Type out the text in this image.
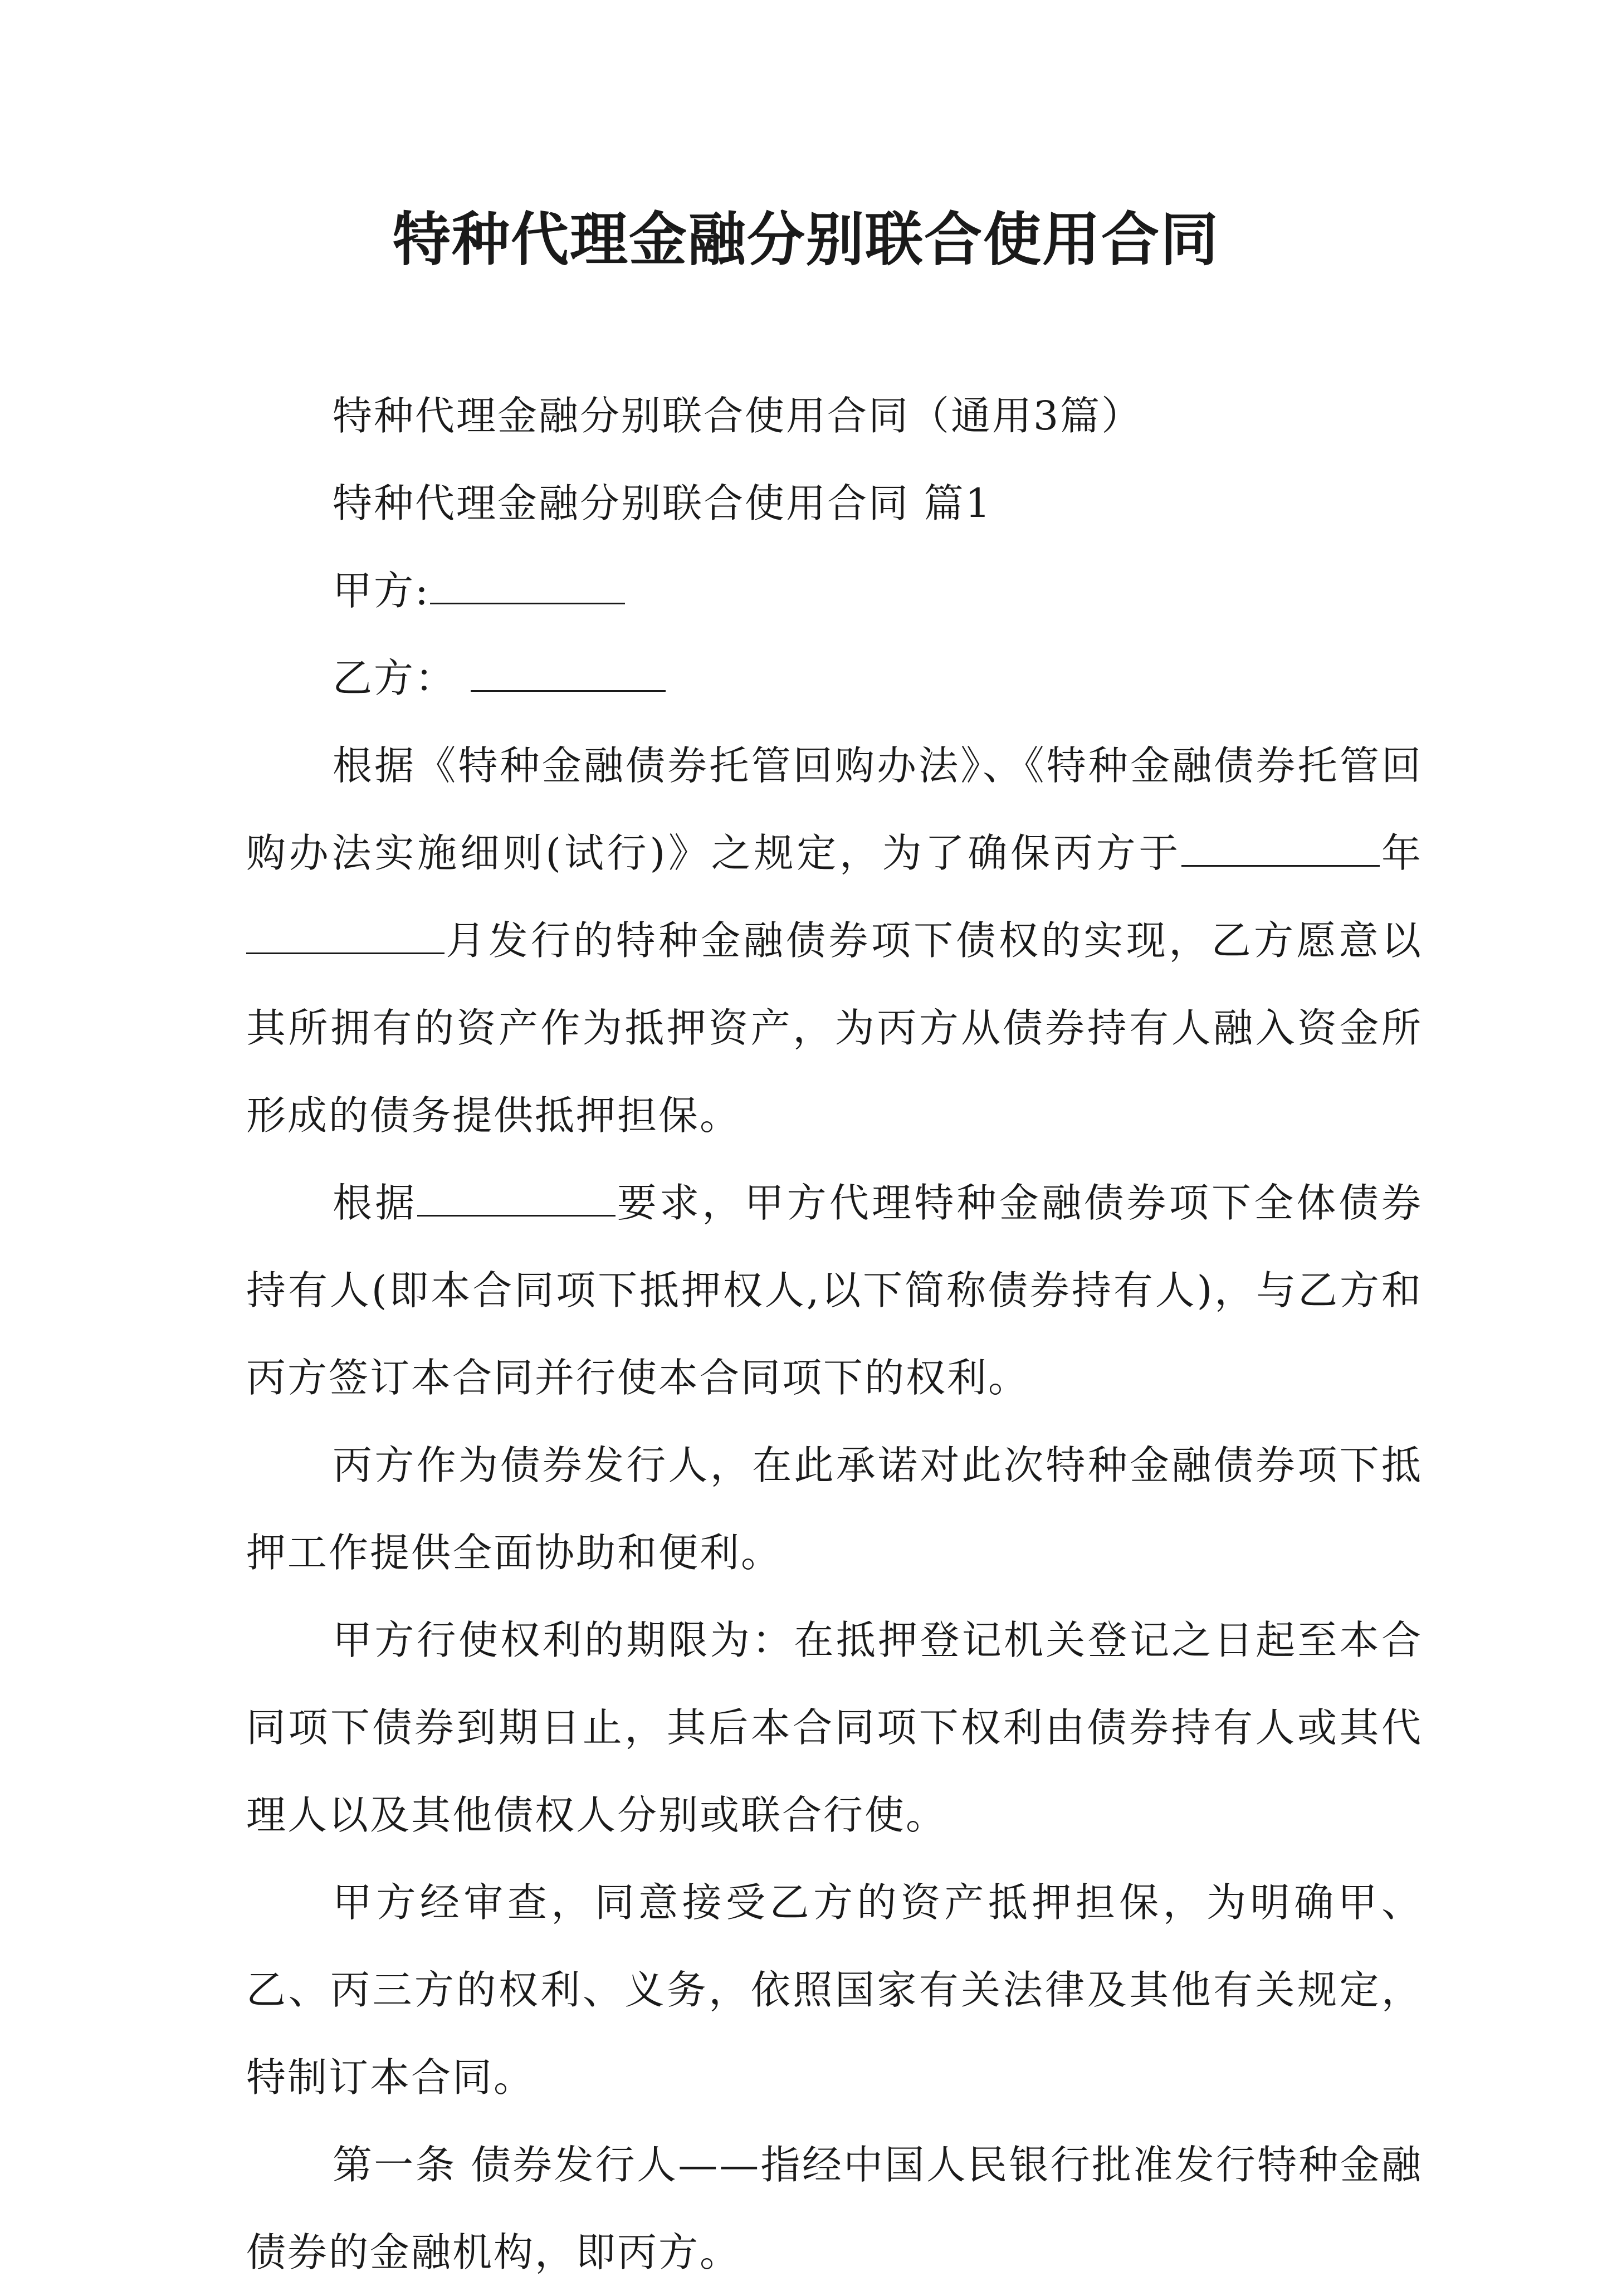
特种代理金融分别联合使用合同

特种代理金融分别联合使用合同（通用3篇）

特种代理金融分别联合使用合同 篇1

甲方:

乙方：

根据《特种金融债券托管回购办法》、《特种金融债券托管回购办法实施细则(试行)》之规定，为了确保丙方于	年月发行的特种金融债券项下债权的实现，乙方愿意以其所拥有的资产作为抵押资产，为丙方从债券持有人融入资金所形成的债务提供抵押担保。

根据	要求，甲方代理特种金融债券项下全体债券持有人(即本合同项下抵押权人,以下简称债券持有人)，与乙方和丙方签订本合同并行使本合同项下的权利。

丙方作为债券发行人，在此承诺对此次特种金融债券项下抵押工作提供全面协助和便利。

甲方行使权利的期限为：在抵押登记机关登记之日起至本合同项下债券到期日止，其后本合同项下权利由债券持有人或其代理人以及其他债权人分别或联合行使。

甲方经审查，同意接受乙方的资产抵押担保，为明确甲、乙、丙三方的权利、义务，依照国家有关法律及其他有关规定，特制订本合同。

第一条 债券发行人——指经中国人民银行批准发行特种金融债券的金融机构，即丙方。
